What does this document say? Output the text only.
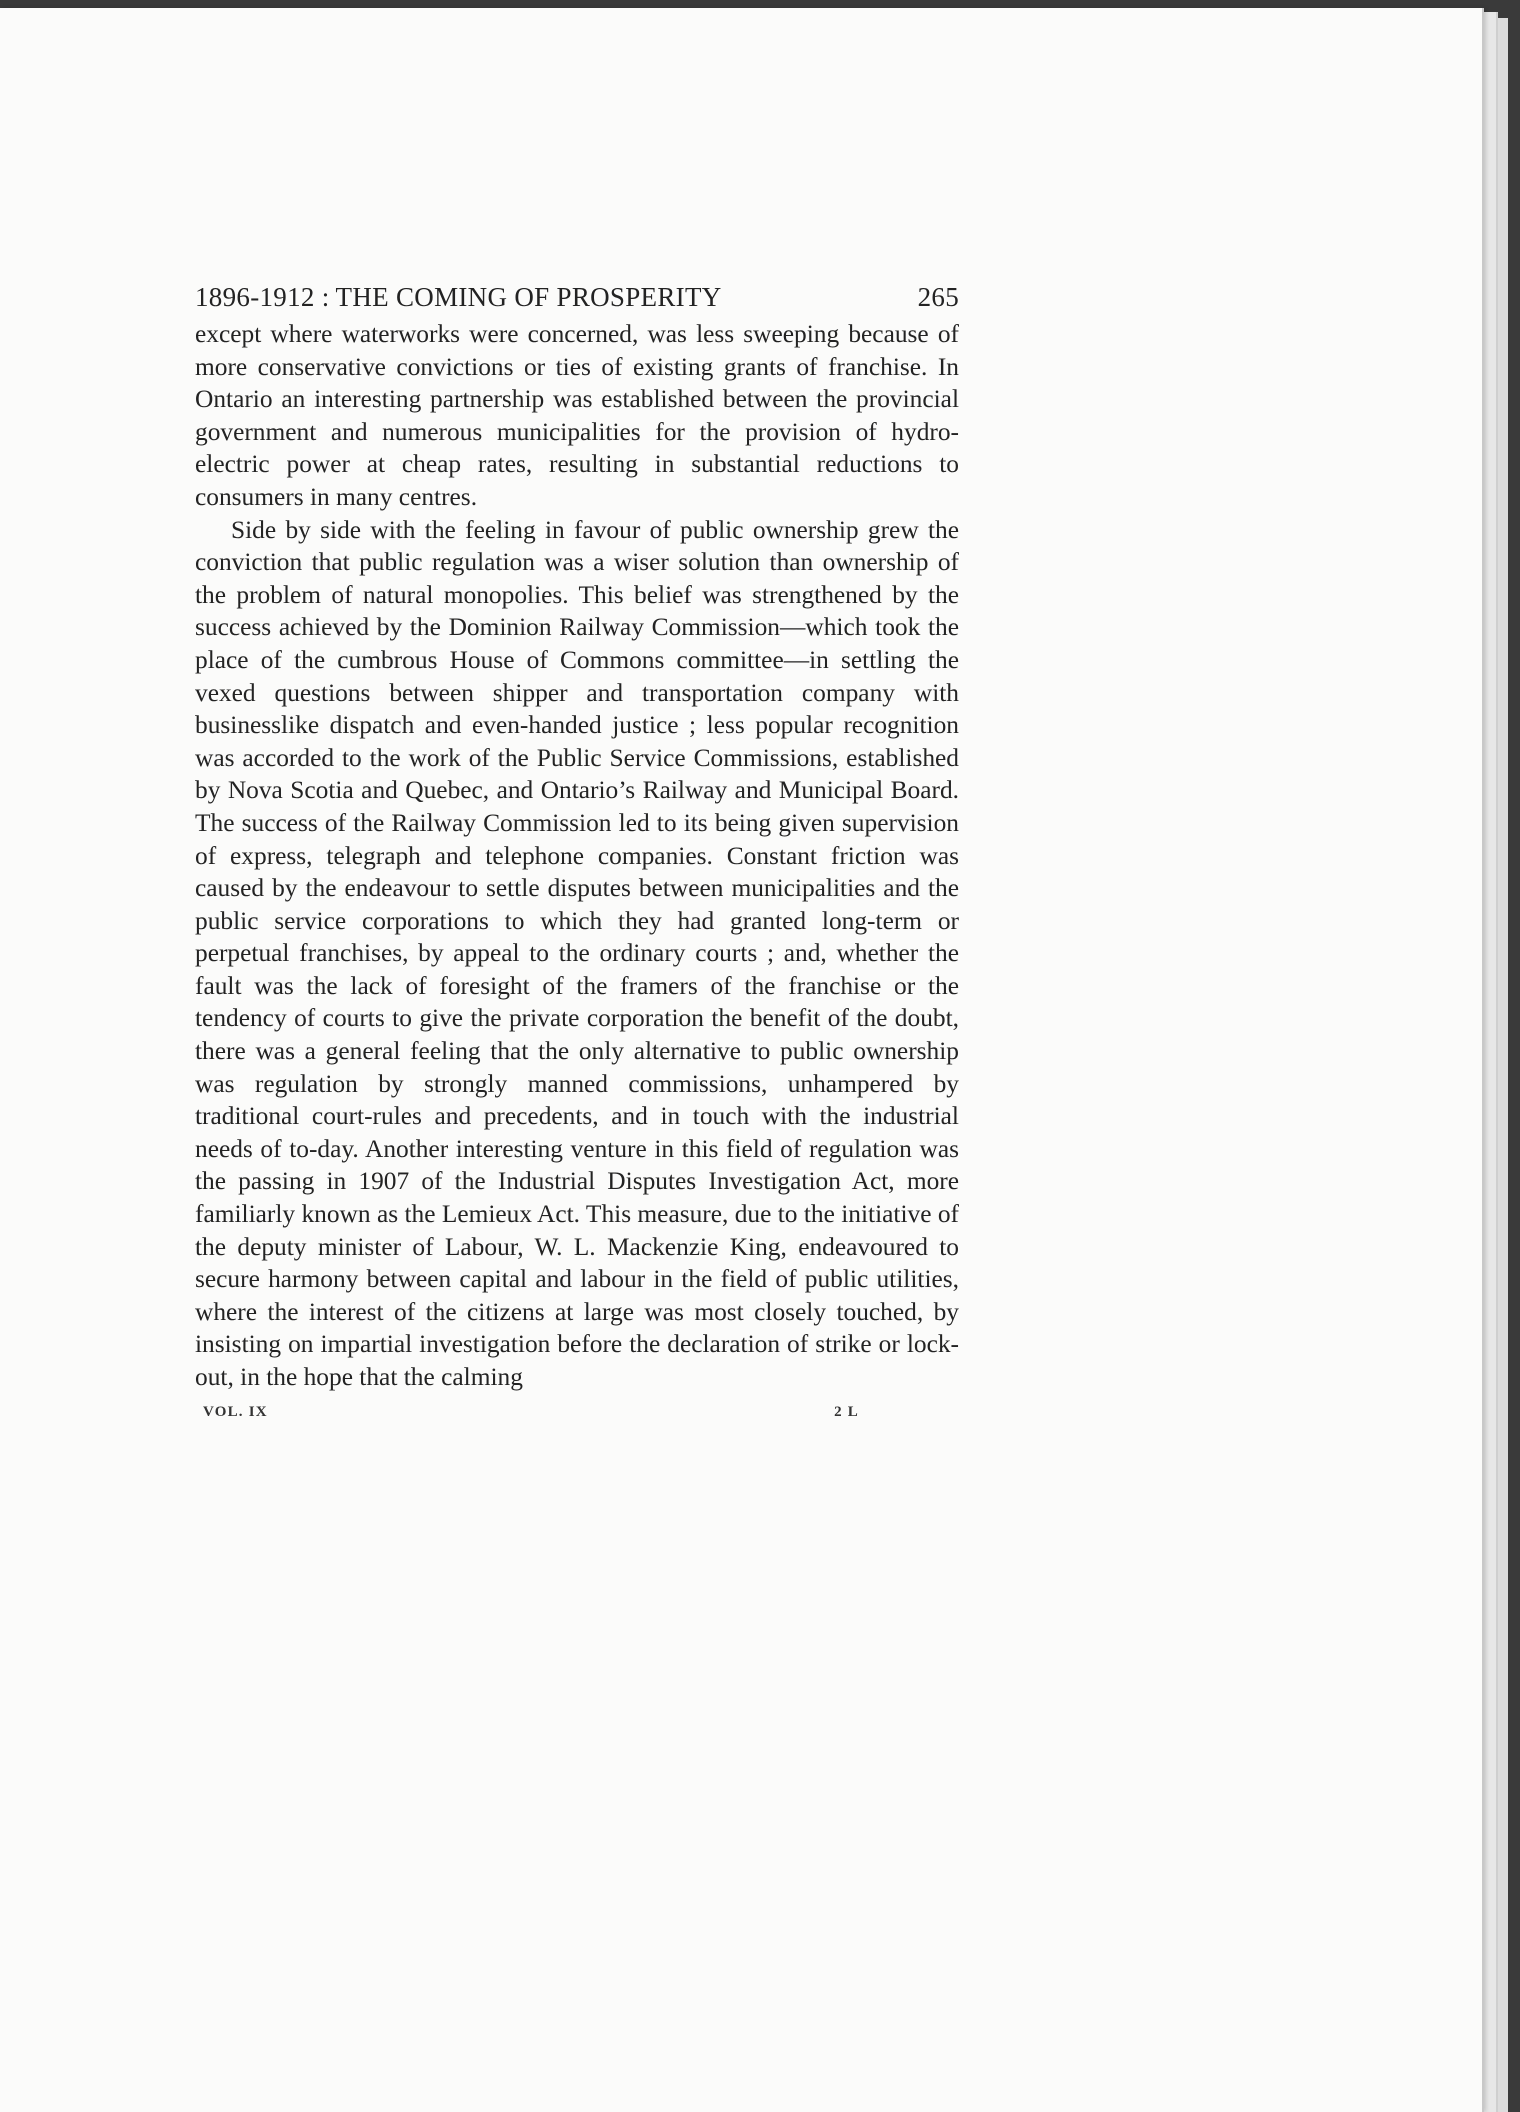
1896-1912 : THE COMING OF PROSPERITY	265

except where waterworks were concerned, was less sweeping because of more conservative convictions or ties of existing grants of franchise. In Ontario an interesting partnership was established between the provincial government and numerous municipalities for the provision of hydro-electric power at cheap rates, resulting in substantial reductions to consumers in many centres.

Side by side with the feeling in favour of public ownership grew the conviction that public regulation was a wiser solution than ownership of the problem of natural monopolies. This belief was strengthened by the success achieved by the Dominion Railway Commission—which took the place of the cumbrous House of Commons committee—in settling the vexed questions between shipper and transportation company with businesslike dispatch and even-handed justice ; less popular recognition was accorded to the work of the Public Service Commissions, established by Nova Scotia and Quebec, and Ontario’s Railway and Municipal Board. The success of the Railway Commission led to its being given supervision of express, telegraph and telephone companies. Constant friction was caused by the endeavour to settle disputes between municipalities and the public service corporations to which they had granted long-term or perpetual franchises, by appeal to the ordinary courts ; and, whether the fault was the lack of foresight of the framers of the franchise or the tendency of courts to give the private corporation the benefit of the doubt, there was a general feeling that the only alternative to public ownership was regulation by strongly manned commissions, unhampered by traditional court-rules and precedents, and in touch with the industrial needs of to-day. Another interesting venture in this field of regulation was the passing in 1907 of the Industrial Disputes Investigation Act, more familiarly known as the Lemieux Act. This measure, due to the initiative of the deputy minister of Labour, W. L. Mackenzie King, endeavoured to secure harmony between capital and labour in the field of public utilities, where the interest of the citizens at large was most closely touched, by insisting on impartial investigation before the declaration of strike or lock-out, in the hope that the calming

VOL. IX	2 L
